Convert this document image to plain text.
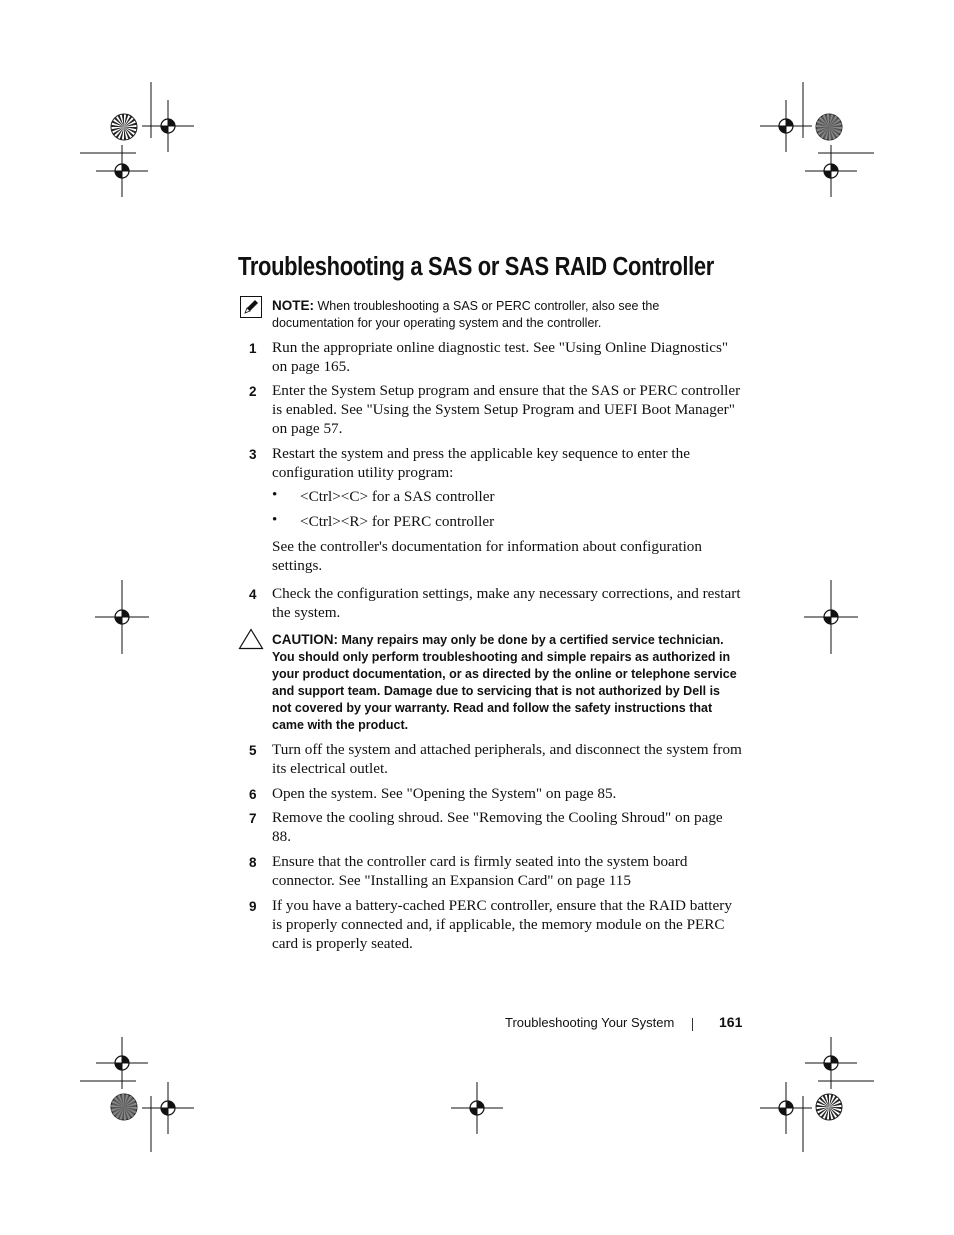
Troubleshooting a SAS or SAS RAID Controller
NOTE: When troubleshooting a SAS or PERC controller, also see the documentation for your operating system and the controller.
1 Run the appropriate online diagnostic test. See "Using Online Diagnostics" on page 165.
2 Enter the System Setup program and ensure that the SAS or PERC controller is enabled. See "Using the System Setup Program and UEFI Boot Manager" on page 57.
3 Restart the system and press the applicable key sequence to enter the configuration utility program:
• <Ctrl><C> for a SAS controller
• <Ctrl><R> for PERC controller
See the controller's documentation for information about configuration settings.
4 Check the configuration settings, make any necessary corrections, and restart the system.
CAUTION: Many repairs may only be done by a certified service technician. You should only perform troubleshooting and simple repairs as authorized in your product documentation, or as directed by the online or telephone service and support team. Damage due to servicing that is not authorized by Dell is not covered by your warranty. Read and follow the safety instructions that came with the product.
5 Turn off the system and attached peripherals, and disconnect the system from its electrical outlet.
6 Open the system. See "Opening the System" on page 85.
7 Remove the cooling shroud. See "Removing the Cooling Shroud" on page 88.
8 Ensure that the controller card is firmly seated into the system board connector. See "Installing an Expansion Card" on page 115
9 If you have a battery-cached PERC controller, ensure that the RAID battery is properly connected and, if applicable, the memory module on the PERC card is properly seated.
Troubleshooting Your System	161
